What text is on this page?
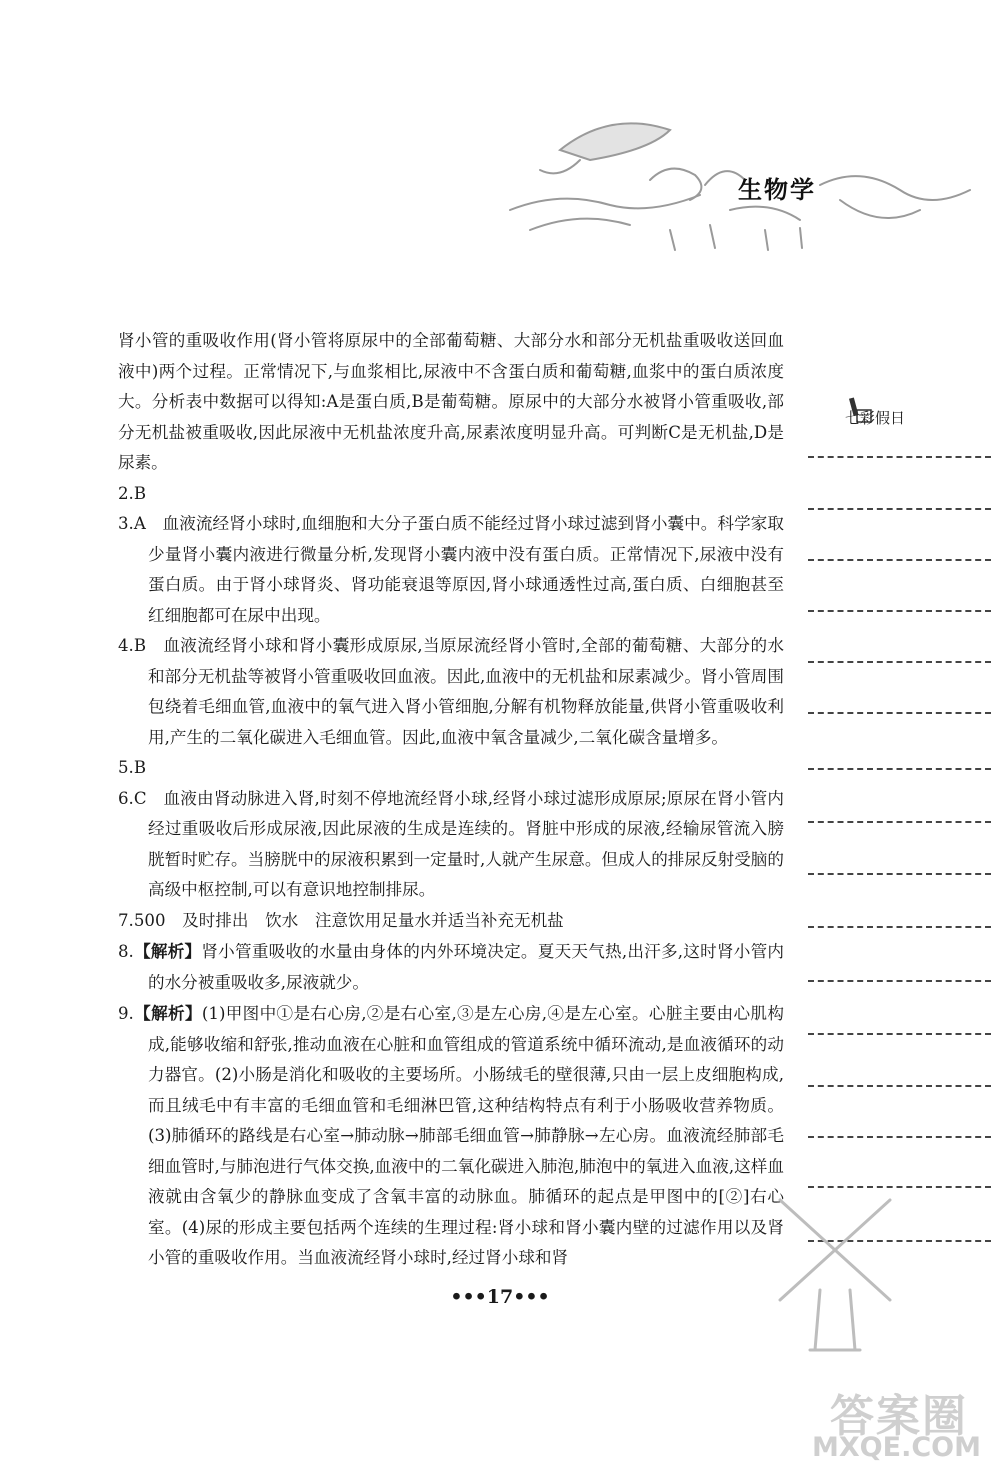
生物学

肾小管的重吸收作用(肾小管将原尿中的全部葡萄糖、大部分水和部分无机盐重吸收送回血液中)两个过程。正常情况下,与血浆相比,尿液中不含蛋白质和葡萄糖,血浆中的蛋白质浓度大。分析表中数据可以得知:A是蛋白质,B是葡萄糖。原尿中的大部分水被肾小管重吸收,部分无机盐被重吸收,因此尿液中无机盐浓度升高,尿素浓度明显升高。可判断C是无机盐,D是尿素。

2.B

3.A　血液流经肾小球时,血细胞和大分子蛋白质不能经过肾小球过滤到肾小囊中。科学家取少量肾小囊内液进行微量分析,发现肾小囊内液中没有蛋白质。正常情况下,尿液中没有蛋白质。由于肾小球肾炎、肾功能衰退等原因,肾小球通透性过高,蛋白质、白细胞甚至红细胞都可在尿中出现。

4.B　血液流经肾小球和肾小囊形成原尿,当原尿流经肾小管时,全部的葡萄糖、大部分的水和部分无机盐等被肾小管重吸收回血液。因此,血液中的无机盐和尿素减少。肾小管周围包绕着毛细血管,血液中的氧气进入肾小管细胞,分解有机物释放能量,供肾小管重吸收利用,产生的二氧化碳进入毛细血管。因此,血液中氧含量减少,二氧化碳含量增多。

5.B

6.C　血液由肾动脉进入肾,时刻不停地流经肾小球,经肾小球过滤形成原尿;原尿在肾小管内经过重吸收后形成尿液,因此尿液的生成是连续的。肾脏中形成的尿液,经输尿管流入膀胱暂时贮存。当膀胱中的尿液积累到一定量时,人就产生尿意。但成人的排尿反射受脑的高级中枢控制,可以有意识地控制排尿。

7.500　及时排出　饮水　注意饮用足量水并适当补充无机盐

8.【解析】肾小管重吸收的水量由身体的内外环境决定。夏天天气热,出汗多,这时肾小管内的水分被重吸收多,尿液就少。

9.【解析】(1)甲图中①是右心房,②是右心室,③是左心房,④是左心室。心脏主要由心肌构成,能够收缩和舒张,推动血液在心脏和血管组成的管道系统中循环流动,是血液循环的动力器官。(2)小肠是消化和吸收的主要场所。小肠绒毛的壁很薄,只由一层上皮细胞构成,而且绒毛中有丰富的毛细血管和毛细淋巴管,这种结构特点有利于小肠吸收营养物质。(3)肺循环的路线是右心室→肺动脉→肺部毛细血管→肺静脉→左心房。血液流经肺部毛细血管时,与肺泡进行气体交换,血液中的二氧化碳进入肺泡,肺泡中的氧进入血液,这样血液就由含氧少的静脉血变成了含氧丰富的动脉血。肺循环的起点是甲图中的[②]右心室。(4)尿的形成主要包括两个连续的生理过程:肾小球和肾小囊内壁的过滤作用以及肾小管的重吸收作用。当血液流经肾小球时,经过肾小球和肾

七彩假日
•••17•••
答案圈
MXQE.COM
